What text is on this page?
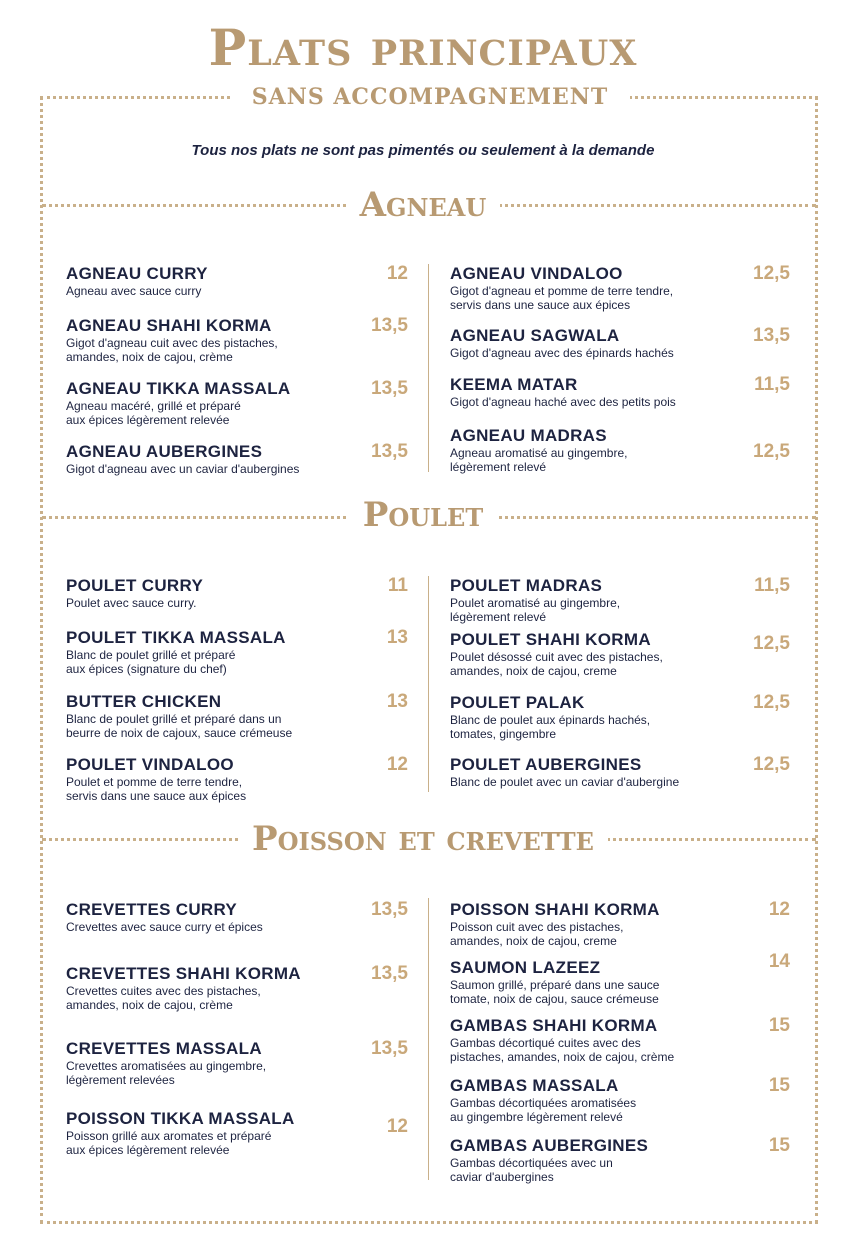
Plats principaux
SANS ACCOMPAGNEMENT

Tous nos plats ne sont pas pimentés ou seulement à la demande

Agneau
Poulet
Poisson et crevette
AGNEAU CURRY
Agneau avec sauce curry
12
AGNEAU SHAHI KORMA
Gigot d'agneau cuit avec des pistaches,
amandes, noix de cajou, crème
13,5
AGNEAU TIKKA MASSALA
Agneau macéré, grillé et préparé
aux épices légèrement relevée
13,5
AGNEAU AUBERGINES
Gigot d'agneau avec un caviar d'aubergines
13,5
AGNEAU VINDALOO
Gigot d'agneau et pomme de terre tendre,
servis dans une sauce aux épices
12,5
AGNEAU SAGWALA
Gigot d'agneau avec des épinards hachés
13,5
KEEMA MATAR
Gigot d'agneau haché avec des petits pois
11,5
AGNEAU MADRAS
Agneau aromatisé au gingembre,
légèrement relevé
12,5
POULET CURRY
Poulet avec sauce curry.
11
POULET TIKKA MASSALA
Blanc de poulet grillé et préparé
aux épices (signature du chef)
13
BUTTER CHICKEN
Blanc de poulet grillé et préparé dans un
beurre de noix de cajoux, sauce crémeuse
13
POULET VINDALOO
Poulet et pomme de terre tendre,
servis dans une sauce aux épices
12
POULET MADRAS
Poulet aromatisé au gingembre,
légèrement relevé
11,5
POULET SHAHI KORMA
Poulet désossé cuit avec des pistaches,
amandes, noix de cajou, creme
12,5
POULET PALAK
Blanc de poulet aux épinards hachés,
tomates, gingembre
12,5
POULET AUBERGINES
Blanc de poulet avec un caviar d'aubergine
12,5
CREVETTES CURRY
Crevettes avec sauce curry et épices
13,5
CREVETTES SHAHI KORMA
Crevettes cuites avec des pistaches,
amandes, noix de cajou, crème
13,5
CREVETTES MASSALA
Crevettes aromatisées au gingembre,
légèrement relevées
13,5
POISSON TIKKA MASSALA
Poisson grillé aux aromates et préparé
aux épices légèrement relevée
12
POISSON SHAHI KORMA
Poisson cuit avec des pistaches,
amandes, noix de cajou, creme
12
SAUMON LAZEEZ
Saumon grillé, préparé dans une sauce
tomate, noix de cajou, sauce crémeuse
14
GAMBAS SHAHI KORMA
Gambas décortiqué cuites avec des
pistaches, amandes, noix de cajou, crème
15
GAMBAS MASSALA
Gambas décortiquées aromatisées
au gingembre légèrement relevé
15
GAMBAS AUBERGINES
Gambas décortiquées avec un
caviar d'aubergines
15
